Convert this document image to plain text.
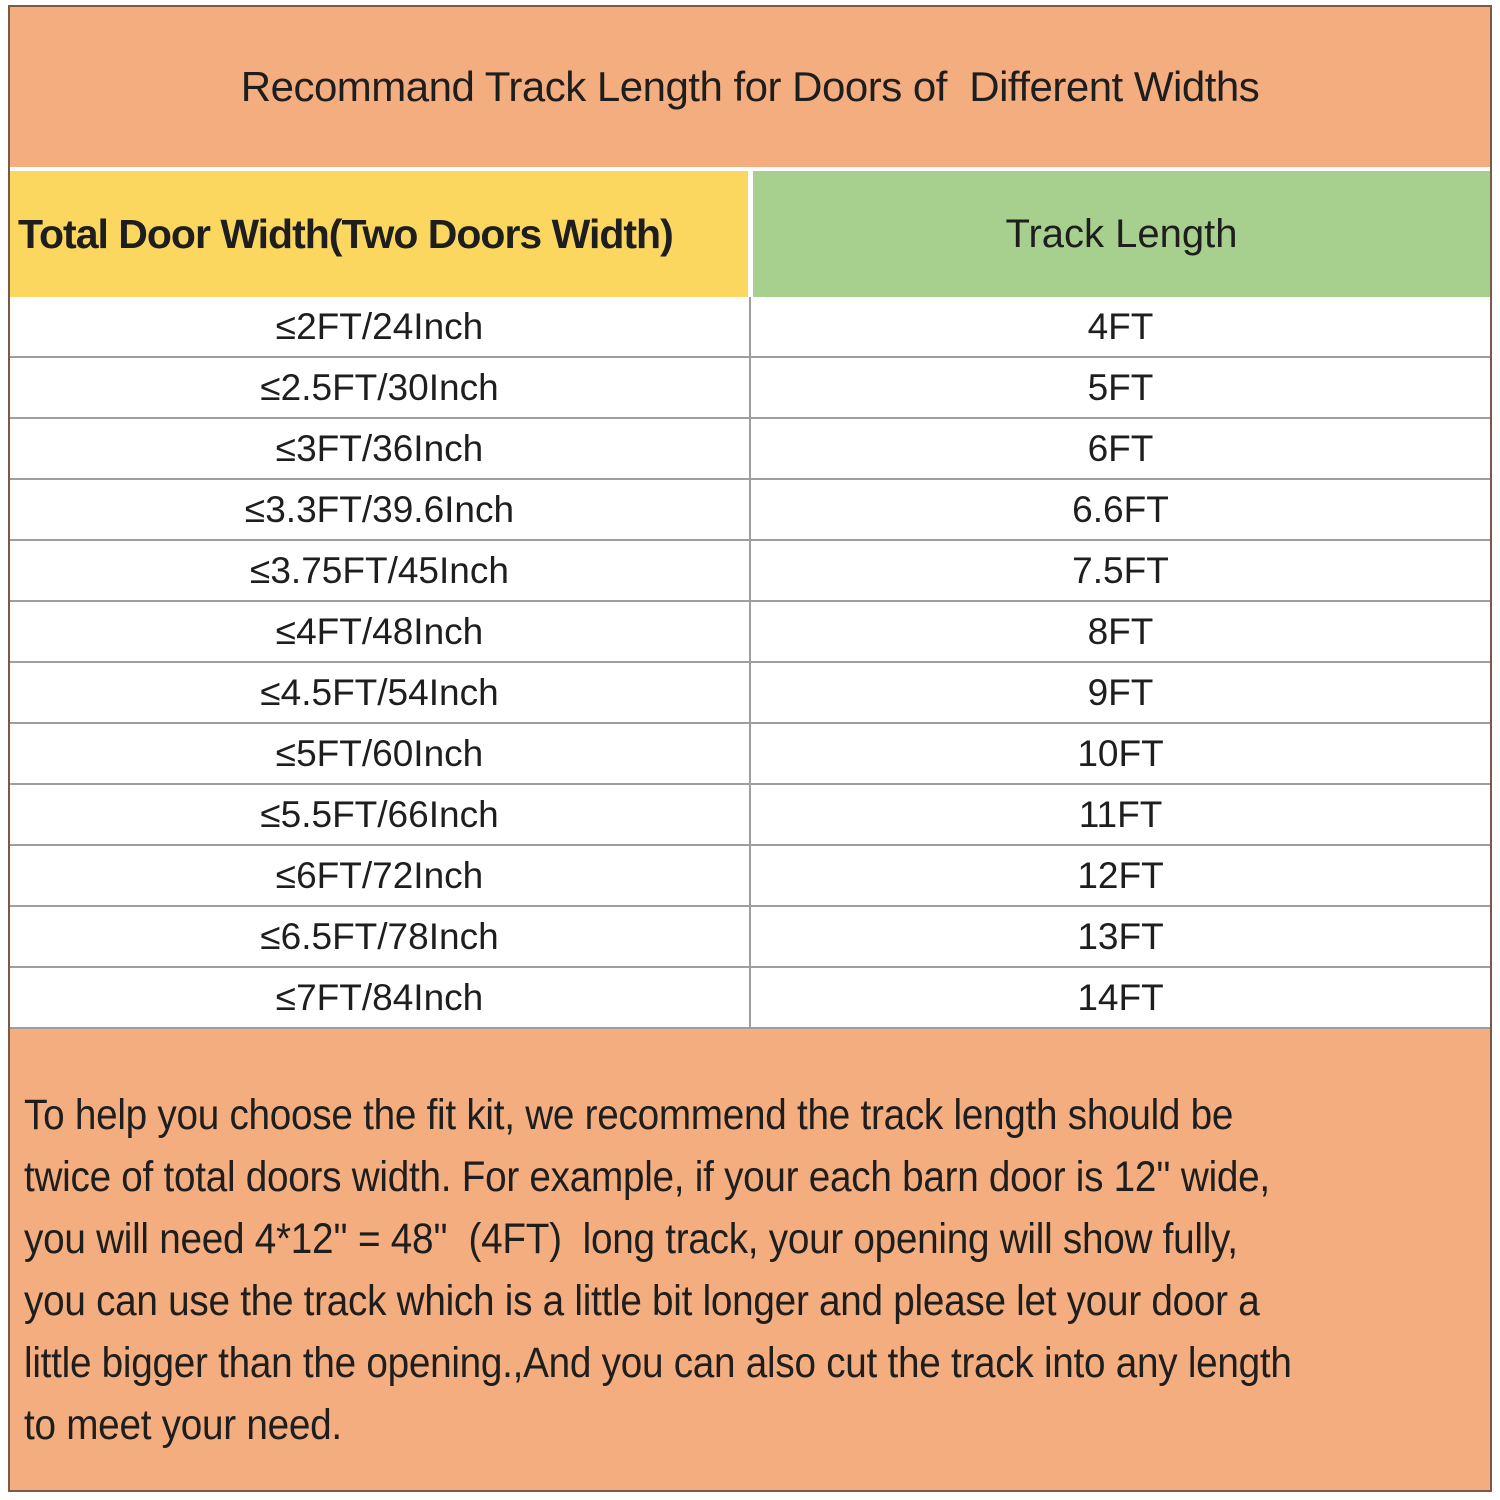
Recommand Track Length for Doors of  Different Widths
Total Door Width(Two Doors Width)	Track Length
≤2FT/24Inch	4FT
≤2.5FT/30Inch	5FT
≤3FT/36Inch	6FT
≤3.3FT/39.6Inch	6.6FT
≤3.75FT/45Inch	7.5FT
≤4FT/48Inch	8FT
≤4.5FT/54Inch	9FT
≤5FT/60Inch	10FT
≤5.5FT/66Inch	11FT
≤6FT/72Inch	12FT
≤6.5FT/78Inch	13FT
≤7FT/84Inch	14FT
To help you choose the fit kit, we recommend the track length should be
twice of total doors width. For example, if your each barn door is 12'' wide,
you will need 4*12'' = 48''  (4FT)  long track, your opening will show fully,
you can use the track which is a little bit longer and please let your door a
little bigger than the opening.,And you can also cut the track into any length
to meet your need.
